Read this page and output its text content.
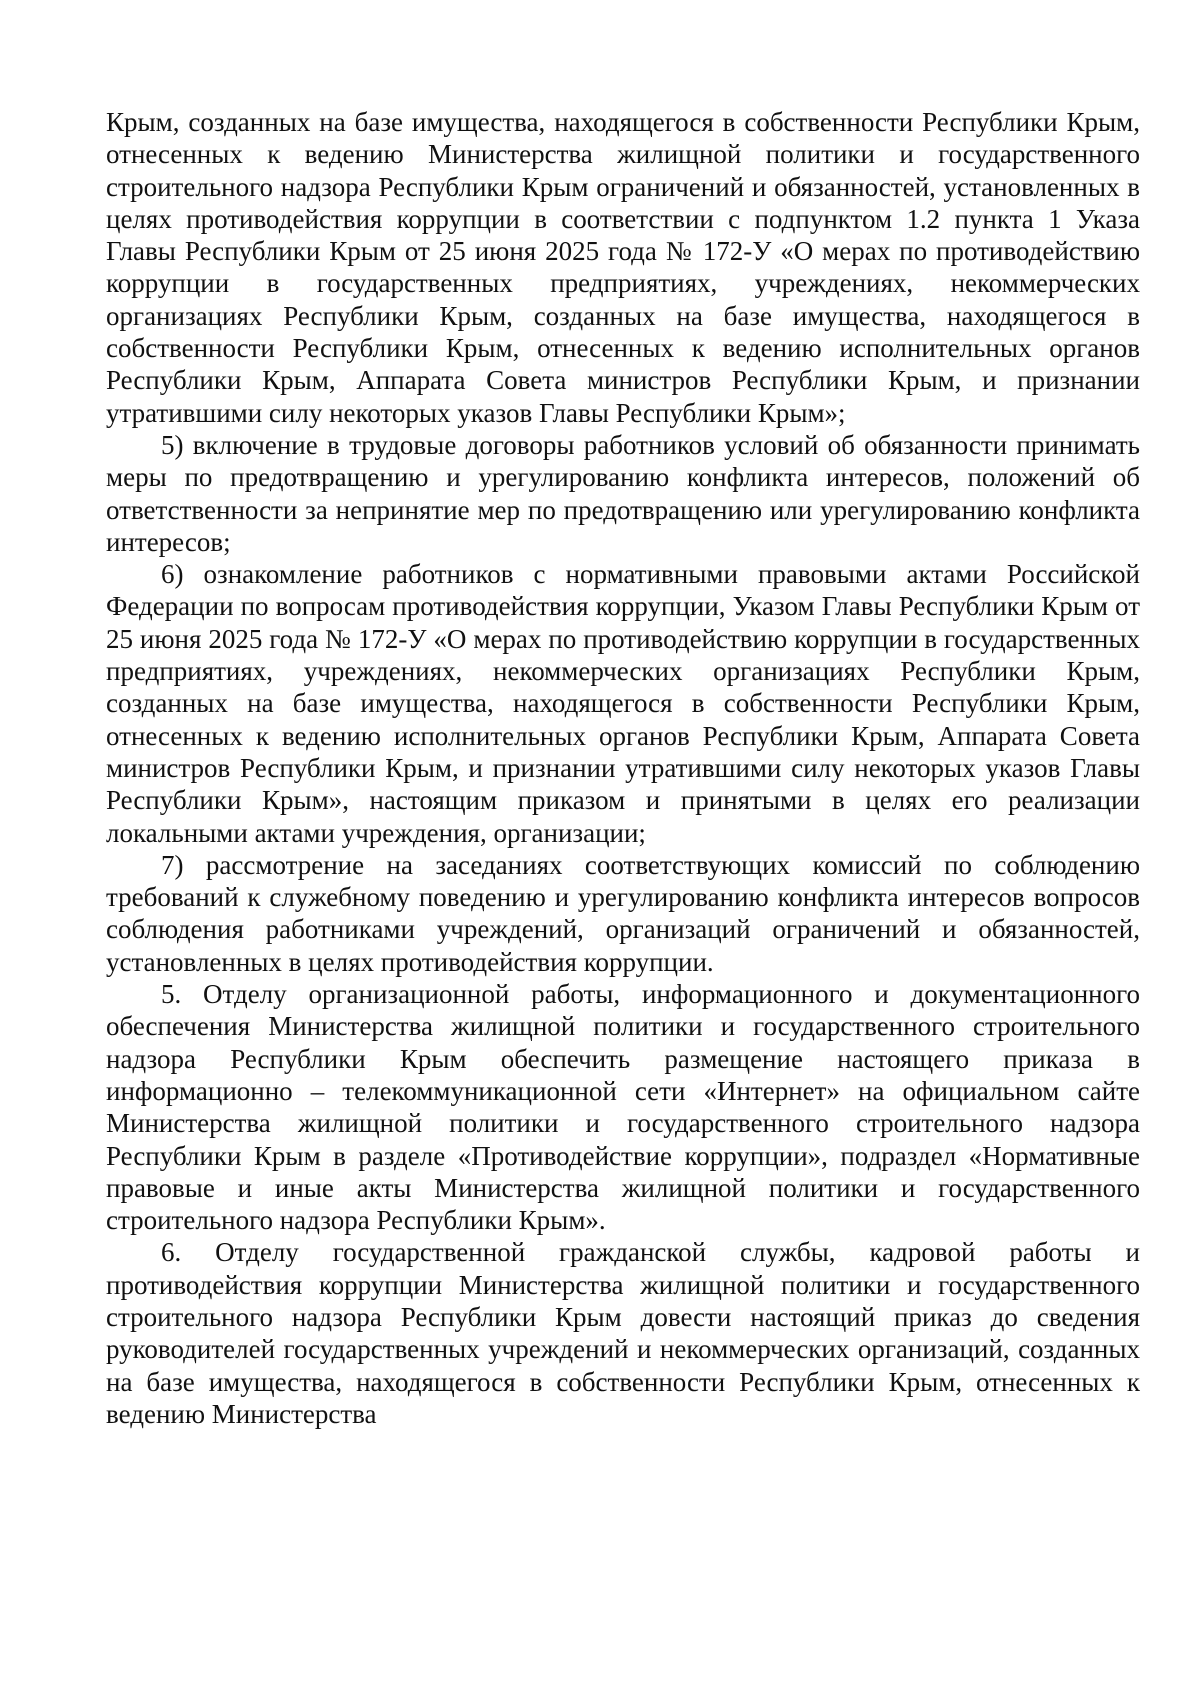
Крым, созданных на базе имущества, находящегося в собственности Республики Крым, отнесенных к ведению Министерства жилищной политики и государственного строительного надзора Республики Крым ограничений и обязанностей, установленных в целях противодействия коррупции в соответствии с подпунктом 1.2 пункта 1 Указа Главы Республики Крым от 25 июня 2025 года № 172-У «О мерах по противодействию коррупции в государственных предприятиях, учреждениях, некоммерческих организациях Республики Крым, созданных на базе имущества, находящегося в собственности Республики Крым, отнесенных к ведению исполнительных органов Республики Крым, Аппарата Совета министров Республики Крым, и признании утратившими силу некоторых указов Главы Республики Крым»;

5) включение в трудовые договоры работников условий об обязанности принимать меры по предотвращению и урегулированию конфликта интересов, положений об ответственности за непринятие мер по предотвращению или урегулированию конфликта интересов;

6) ознакомление работников с нормативными правовыми актами Российской Федерации по вопросам противодействия коррупции, Указом Главы Республики Крым от 25 июня 2025 года № 172-У «О мерах по противодействию коррупции в государственных предприятиях, учреждениях, некоммерческих организациях Республики Крым, созданных на базе имущества, находящегося в собственности Республики Крым, отнесенных к ведению исполнительных органов Республики Крым, Аппарата Совета министров Республики Крым, и признании утратившими силу некоторых указов Главы Республики Крым», настоящим приказом и принятыми в целях его реализации локальными актами учреждения, организации;

7) рассмотрение на заседаниях соответствующих комиссий по соблюдению требований к служебному поведению и урегулированию конфликта интересов вопросов соблюдения работниками учреждений, организаций ограничений и обязанностей, установленных в целях противодействия коррупции.

5. Отделу организационной работы, информационного и документационного обеспечения Министерства жилищной политики и государственного строительного надзора Республики Крым обеспечить размещение настоящего приказа в информационно – телекоммуникационной сети «Интернет» на официальном сайте Министерства жилищной политики и государственного строительного надзора Республики Крым в разделе «Противодействие коррупции», подраздел «Нормативные правовые и иные акты Министерства жилищной политики и государственного строительного надзора Республики Крым».

6. Отделу государственной гражданской службы, кадровой работы и противодействия коррупции Министерства жилищной политики и государственного строительного надзора Республики Крым довести настоящий приказ до сведения руководителей государственных учреждений и некоммерческих организаций, созданных на базе имущества, находящегося в собственности Республики Крым, отнесенных к ведению Министерства
